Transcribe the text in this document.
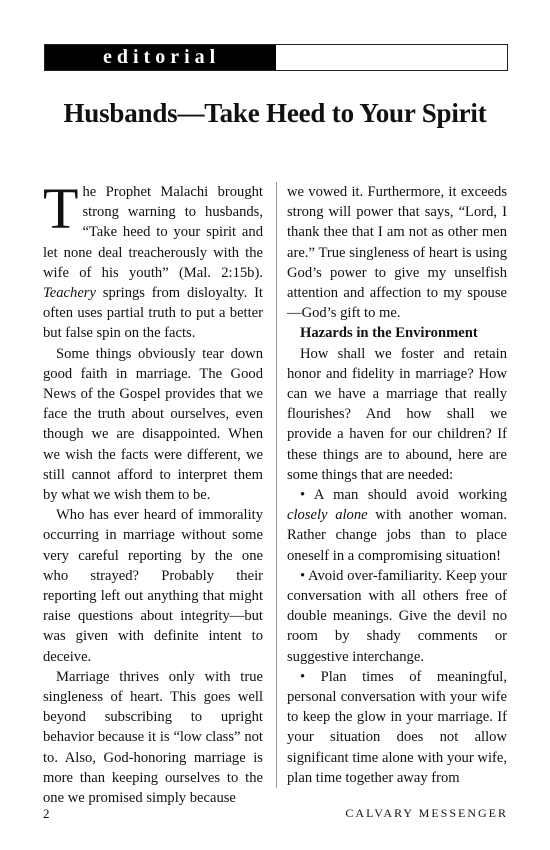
editorial
Husbands—Take Heed to Your Spirit

The Prophet Malachi brought strong warning to husbands, “Take heed to your spirit and let none deal treacherously with the wife of his youth” (Mal. 2:15b). Teachery springs from disloyalty. It often uses partial truth to put a better but false spin on the facts.

Some things obviously tear down good faith in marriage. The Good News of the Gospel provides that we face the truth about ourselves, even though we are disappointed. When we wish the facts were different, we still cannot afford to interpret them by what we wish them to be.

Who has ever heard of immorality occurring in marriage without some very careful reporting by the one who strayed? Probably their reporting left out anything that might raise questions about integrity—but was given with definite intent to deceive.

Marriage thrives only with true singleness of heart. This goes well beyond subscribing to upright behavior because it is “low class” not to. Also, God-honoring marriage is more than keeping ourselves to the one we promised simply because

we vowed it. Furthermore, it exceeds strong will power that says, “Lord, I thank thee that I am not as other men are.” True singleness of heart is using God’s power to give my unselfish attention and affection to my spouse—God’s gift to me.

Hazards in the Environment

How shall we foster and retain honor and fidelity in marriage? How can we have a marriage that really flourishes? And how shall we provide a haven for our children? If these things are to abound, here are some things that are needed:

• A man should avoid working closely alone with another woman. Rather change jobs than to place oneself in a compromising situation!

• Avoid over-familiarity. Keep your conversation with all others free of double meanings. Give the devil no room by shady comments or suggestive interchange.

• Plan times of meaningful, personal conversation with your wife to keep the glow in your marriage. If your situation does not allow significant time alone with your wife, plan time together away from

2	CALVARY MESSENGER
